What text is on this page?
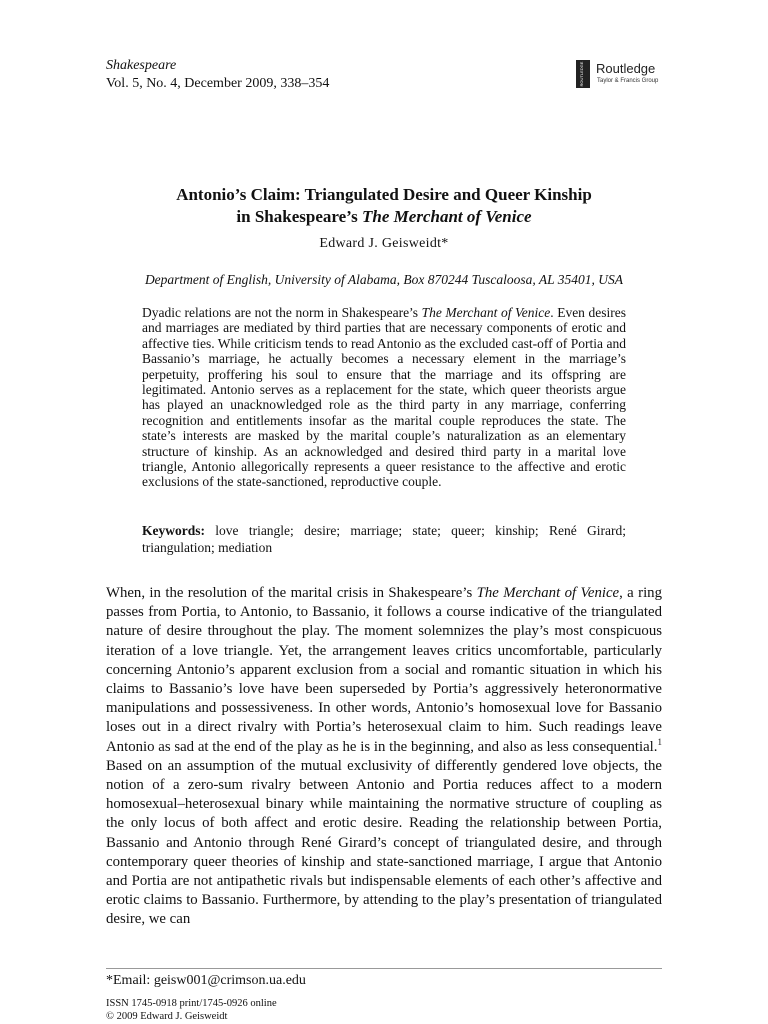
Shakespeare
Vol. 5, No. 4, December 2009, 338–354	ROUTLEDGE Routledge
Taylor & Francis Group
Antonio’s Claim: Triangulated Desire and Queer Kinship
in Shakespeare’s The Merchant of Venice
Edward J. Geisweidt*
Department of English, University of Alabama, Box 870244 Tuscaloosa, AL 35401, USA

Dyadic relations are not the norm in Shakespeare’s The Merchant of Venice. Even desires and marriages are mediated by third parties that are necessary components of erotic and affective ties. While criticism tends to read Antonio as the excluded cast-off of Portia and Bassanio’s marriage, he actually becomes a necessary element in the marriage’s perpetuity, proffering his soul to ensure that the marriage and its offspring are legitimated. Antonio serves as a replacement for the state, which queer theorists argue has played an unacknowledged role as the third party in any marriage, conferring recognition and entitlements insofar as the marital couple reproduces the state. The state’s interests are masked by the marital couple’s naturalization as an elementary structure of kinship. As an acknowledged and desired third party in a marital love triangle, Antonio allegorically represents a queer resistance to the affective and erotic exclusions of the state-sanctioned, reproductive couple.

Keywords: love triangle; desire; marriage; state; queer; kinship; René Girard; triangulation; mediation

When, in the resolution of the marital crisis in Shakespeare’s The Merchant of Venice, a ring passes from Portia, to Antonio, to Bassanio, it follows a course indicative of the triangulated nature of desire throughout the play. The moment solemnizes the play’s most conspicuous iteration of a love triangle. Yet, the arrangement leaves critics uncomfortable, particularly concerning Antonio’s apparent exclusion from a social and romantic situation in which his claims to Bassanio’s love have been superseded by Portia’s aggressively heteronormative manipulations and possessiveness. In other words, Antonio’s homosexual love for Bassanio loses out in a direct rivalry with Portia’s heterosexual claim to him. Such readings leave Antonio as sad at the end of the play as he is in the beginning, and also as less consequential.$^1$ Based on an assumption of the mutual exclusivity of differently gendered love objects, the notion of a zero-sum rivalry between Antonio and Portia reduces affect to a modern homosexual–heterosexual binary while maintaining the normative structure of coupling as the only locus of both affect and erotic desire. Reading the relationship between Portia, Bassanio and Antonio through René Girard’s concept of triangulated desire, and through contemporary queer theories of kinship and state-sanctioned marriage, I argue that Antonio and Portia are not antipathetic rivals but indispensable elements of each other’s affective and erotic claims to Bassanio. Furthermore, by attending to the play’s presentation of triangulated desire, we can

*Email: geisw001@crimson.ua.edu
ISSN 1745-0918 print/1745-0926 online
© 2009 Edward J. Geisweidt
